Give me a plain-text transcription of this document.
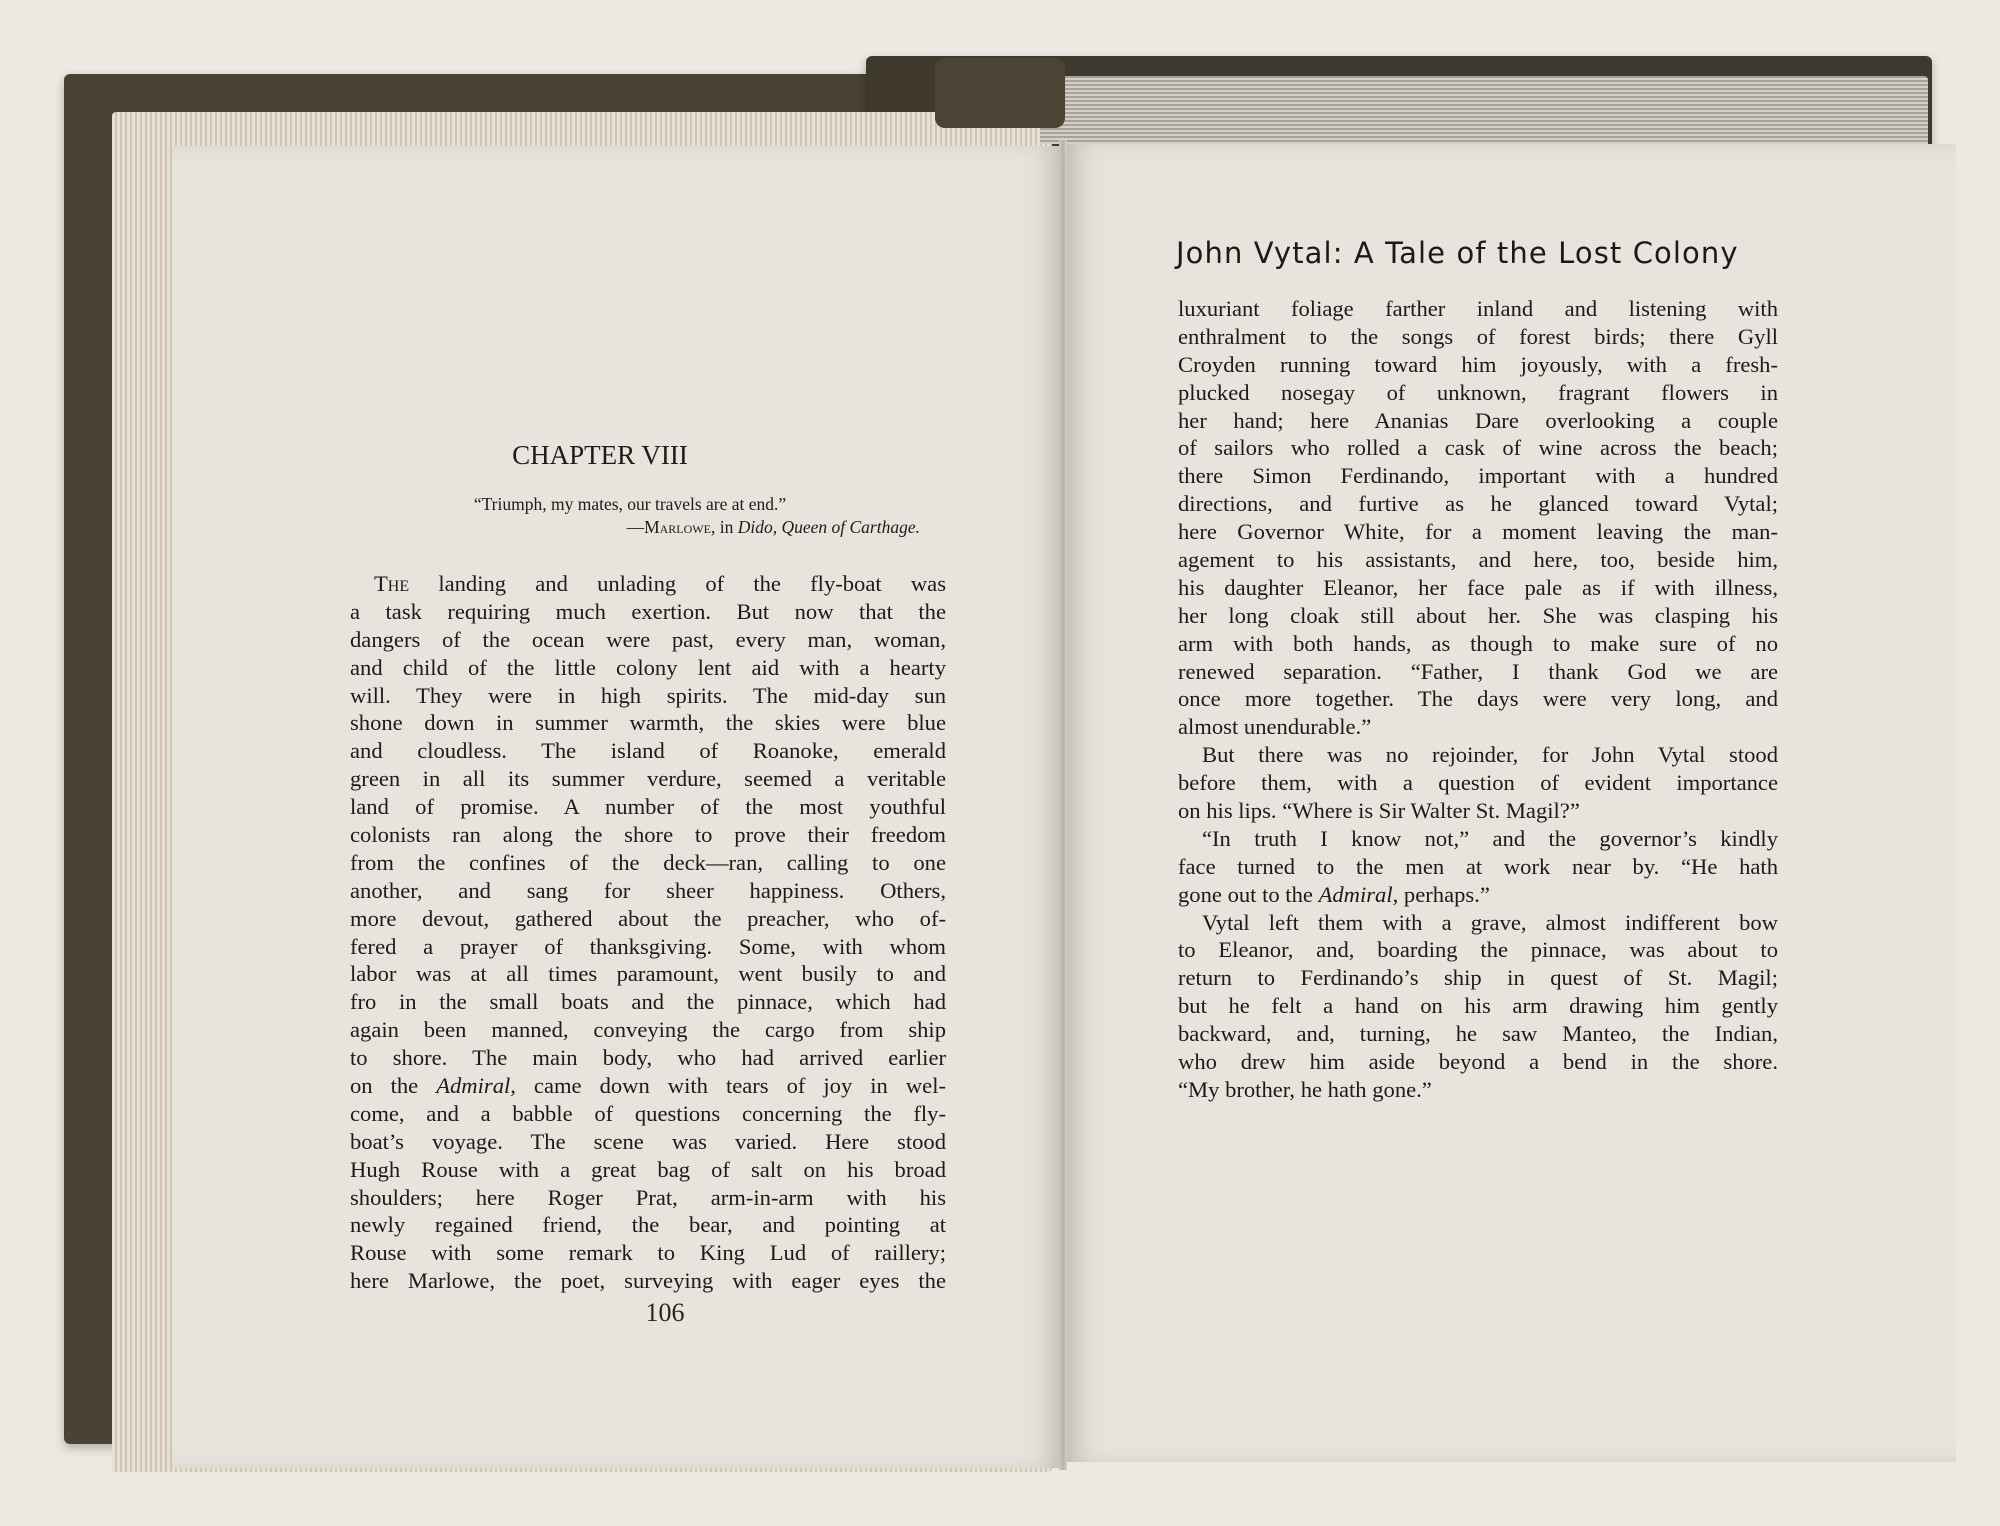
CHAPTER VIII
“Triumph, my mates, our travels are at end.”
—Marlowe, in Dido, Queen of Carthage.
The landing and unlading of the fly-boat was
a task requiring much exertion. But now that the
dangers of the ocean were past, every man, woman,
and child of the little colony lent aid with a hearty
will. They were in high spirits. The mid-day sun
shone down in summer warmth, the skies were blue
and cloudless. The island of Roanoke, emerald
green in all its summer verdure, seemed a veritable
land of promise. A number of the most youthful
colonists ran along the shore to prove their freedom
from the confines of the deck—ran, calling to one
another, and sang for sheer happiness. Others,
more devout, gathered about the preacher, who of-
fered a prayer of thanksgiving. Some, with whom
labor was at all times paramount, went busily to and
fro in the small boats and the pinnace, which had
again been manned, conveying the cargo from ship
to shore. The main body, who had arrived earlier
on the Admiral, came down with tears of joy in wel-
come, and a babble of questions concerning the fly-
boat’s voyage. The scene was varied. Here stood
Hugh Rouse with a great bag of salt on his broad
shoulders; here Roger Prat, arm-in-arm with his
newly regained friend, the bear, and pointing at
Rouse with some remark to King Lud of raillery;
here Marlowe, the poet, surveying with eager eyes the
106
John Vytal: A Tale of the Lost Colony
luxuriant foliage farther inland and listening with
enthralment to the songs of forest birds; there Gyll
Croyden running toward him joyously, with a fresh-
plucked nosegay of unknown, fragrant flowers in
her hand; here Ananias Dare overlooking a couple
of sailors who rolled a cask of wine across the beach;
there Simon Ferdinando, important with a hundred
directions, and furtive as he glanced toward Vytal;
here Governor White, for a moment leaving the man-
agement to his assistants, and here, too, beside him,
his daughter Eleanor, her face pale as if with illness,
her long cloak still about her. She was clasping his
arm with both hands, as though to make sure of no
renewed separation. “Father, I thank God we are
once more together. The days were very long, and
almost unendurable.”
But there was no rejoinder, for John Vytal stood
before them, with a question of evident importance
on his lips. “Where is Sir Walter St. Magil?”
“In truth I know not,” and the governor’s kindly
face turned to the men at work near by. “He hath
gone out to the Admiral, perhaps.”
Vytal left them with a grave, almost indifferent bow
to Eleanor, and, boarding the pinnace, was about to
return to Ferdinando’s ship in quest of St. Magil;
but he felt a hand on his arm drawing him gently
backward, and, turning, he saw Manteo, the Indian,
who drew him aside beyond a bend in the shore.
“My brother, he hath gone.”
